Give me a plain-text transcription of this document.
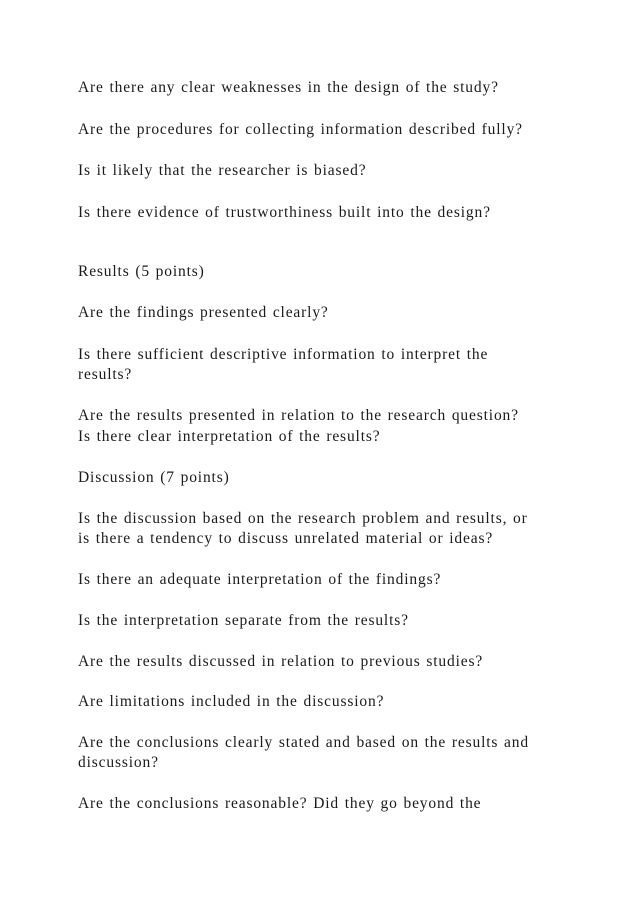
Are there any clear weaknesses in the design of the study?

Are the procedures for collecting information described fully?

Is it likely that the researcher is biased?

Is there evidence of trustworthiness built into the design?

Results (5 points)

Are the findings presented clearly?

Is there sufficient descriptive information to interpret the

results?

Are the results presented in relation to the research question?

Is there clear interpretation of the results?

Discussion (7 points)

Is the discussion based on the research problem and results, or

is there a tendency to discuss unrelated material or ideas?

Is there an adequate interpretation of the findings?

Is the interpretation separate from the results?

Are the results discussed in relation to previous studies?

Are limitations included in the discussion?

Are the conclusions clearly stated and based on the results and

discussion?

Are the conclusions reasonable? Did they go beyond the
